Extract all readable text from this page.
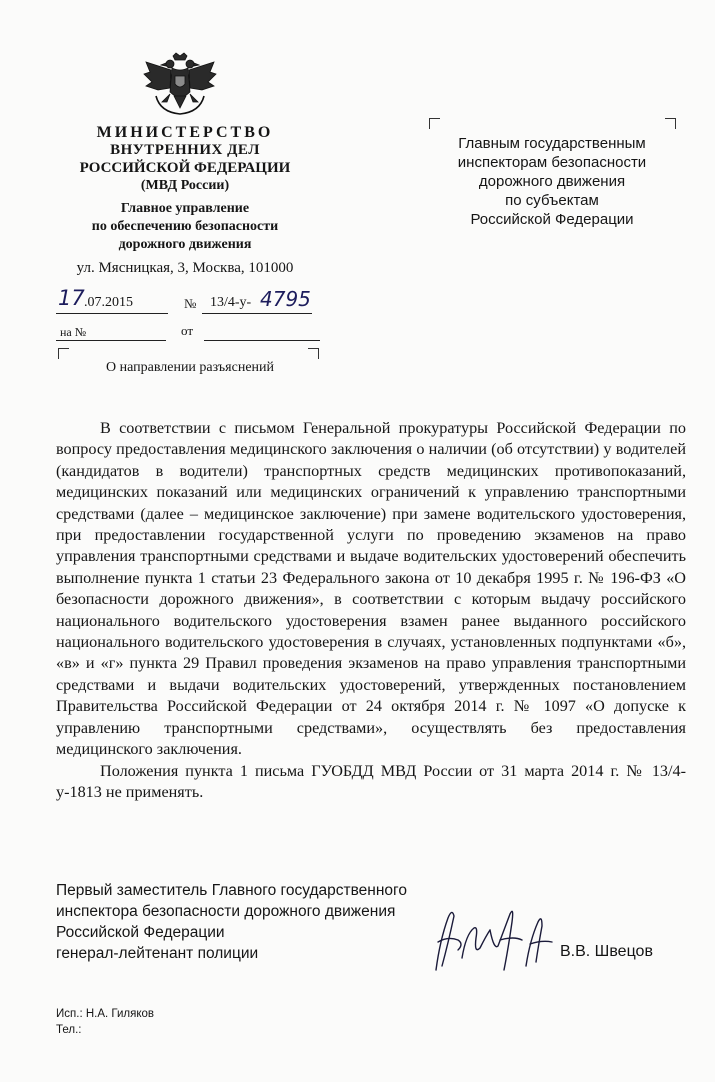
МИНИСТЕРСТВО
ВНУТРЕННИХ ДЕЛ
РОССИЙСКОЙ ФЕДЕРАЦИИ
(МВД России)
Главное управление
по обеспечению безопасности
дорожного движения
ул. Мясницкая, 3, Москва, 101000
17 .07.2015	№ 13/4-у- 4795
на №	от
О направлении разъяснений
Главным государственным
инспекторам безопасности
дорожного движения
по субъектам
Российской Федерации

В соответствии с письмом Генеральной прокуратуры Российской Федерации по вопросу предоставления медицинского заключения о наличии (об отсутствии) у водителей (кандидатов в водители) транспортных средств медицинских противопоказаний, медицинских показаний или медицинских ограничений к управлению транспортными средствами (далее – медицинское заключение) при замене водительского удостоверения, при предоставлении государственной услуги по проведению экзаменов на право управления транспортными средствами и выдаче водительских удостоверений обеспечить выполнение пункта 1 статьи 23 Федерального закона от 10 декабря 1995 г. № 196-ФЗ «О безопасности дорожного движения», в соответствии с которым выдачу российского национального водительского удостоверения взамен ранее выданного российского национального водительского удостоверения в случаях, установленных подпунктами «б», «в» и «г» пункта 29 Правил проведения экзаменов на право управления транспортными средствами и выдачи водительских удостоверений, утвержденных постановлением Правительства Российской Федерации от 24 октября 2014 г. № 1097 «О допуске к управлению транспортными средствами», осуществлять без предоставления медицинского заключения.

Положения пункта 1 письма ГУОБДД МВД России от 31 марта 2014 г. № 13/4-у-1813 не применять.

Первый заместитель Главного государственного
инспектора безопасности дорожного движения
Российской Федерации
генерал-лейтенант полиции	В.В. Швецов
Исп.: Н.А. Гиляков
Тел.:
